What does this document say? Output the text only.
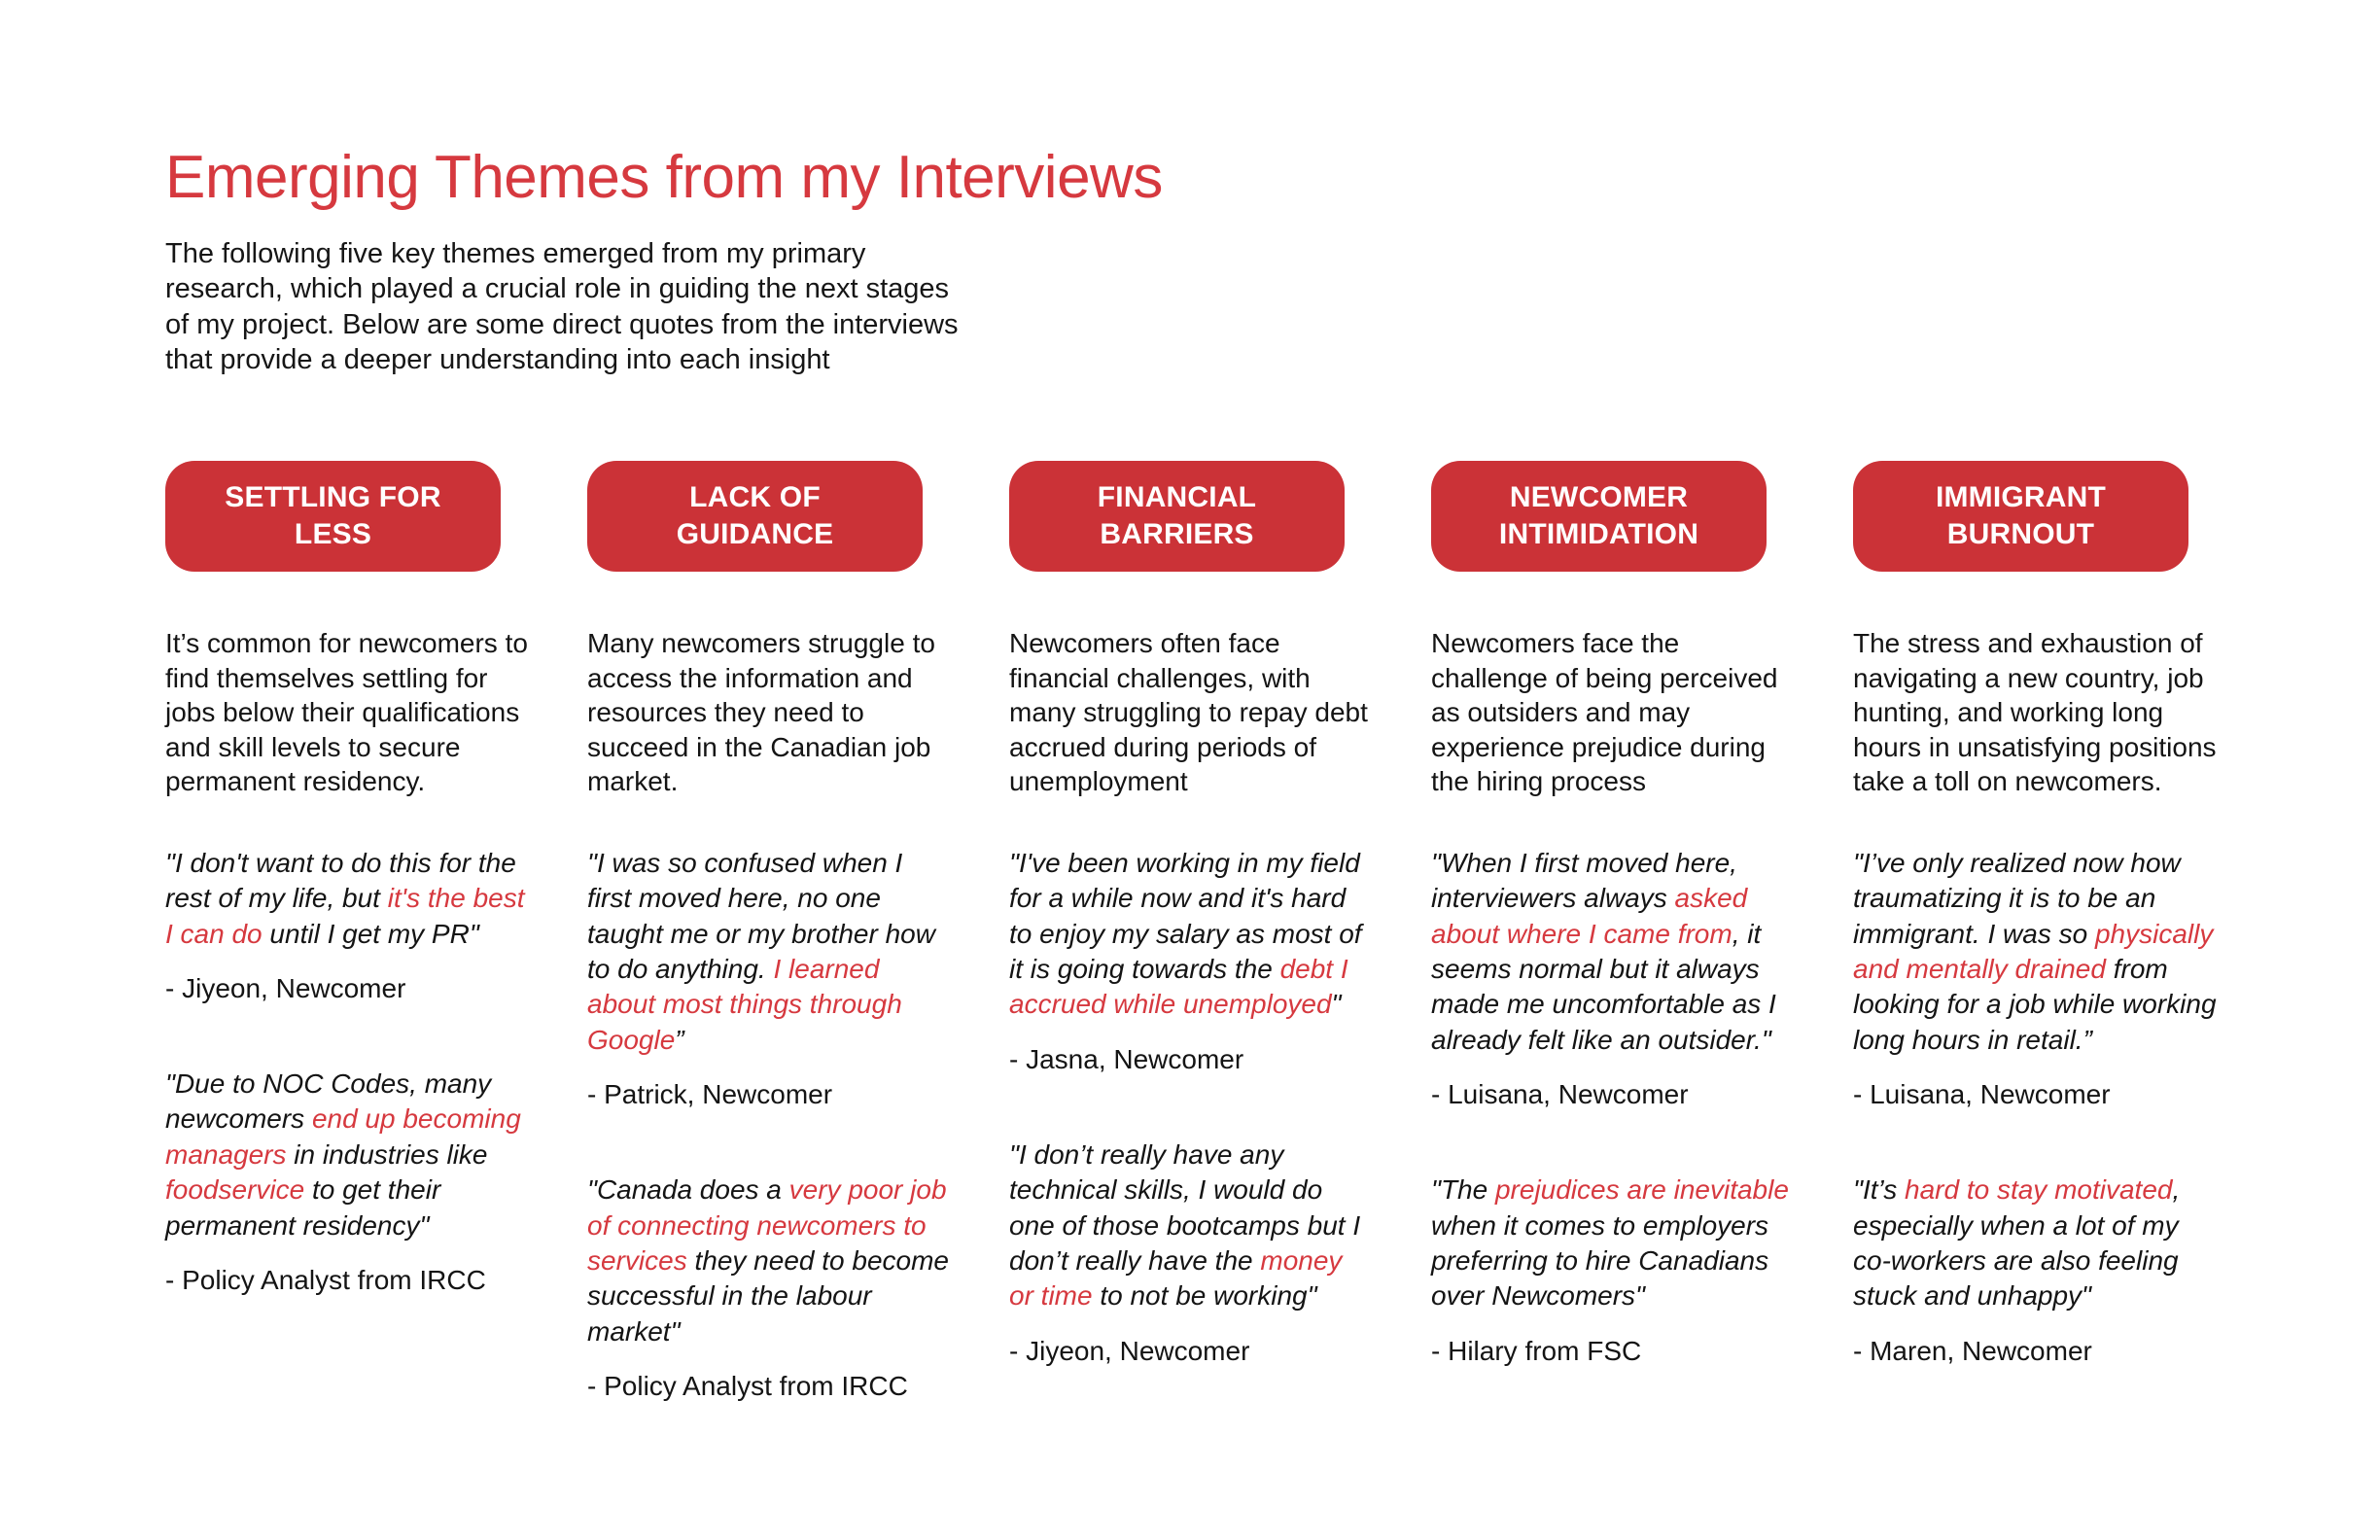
Emerging Themes from my Interviews

The following five key themes emerged from my primary research, which played a crucial role in guiding the next stages of my project. Below are some direct quotes from the interviews that provide a deeper understanding into each insight

SETTLING FOR LESS

It’s common for newcomers to find themselves settling for jobs below their qualifications and skill levels to secure permanent residency.

"I don't want to do this for the rest of my life, but it's the best I can do until I get my PR"

- Jiyeon, Newcomer

"Due to NOC Codes, many newcomers end up becoming managers in industries like foodservice to get their permanent residency"

- Policy Analyst from IRCC

LACK OF GUIDANCE

Many newcomers struggle to access the information and resources they need to succeed in the Canadian job market.

"I was so confused when I first moved here, no one taught me or my brother how to do anything. I learned about most things through Google”

- Patrick, Newcomer

"Canada does a very poor job of connecting newcomers to services they need to become successful in the labour market"

- Policy Analyst from IRCC

FINANCIAL BARRIERS

Newcomers often face financial challenges, with many struggling to repay debt accrued during periods of unemployment

"I've been working in my field for a while now and it's hard to enjoy my salary as most of it is going towards the debt I accrued while unemployed"

- Jasna, Newcomer

"I don’t really have any technical skills, I would do one of those bootcamps but I don’t really have the money or time to not be working"

- Jiyeon, Newcomer

NEWCOMER INTIMIDATION

Newcomers face the challenge of being perceived as outsiders and may experience prejudice during the hiring process

"When I first moved here, interviewers always asked about where I came from, it seems normal but it always made me uncomfortable as I already felt like an outsider."

- Luisana, Newcomer

"The prejudices are inevitable when it comes to employers preferring to hire Canadians over Newcomers"

- Hilary from FSC

IMMIGRANT BURNOUT

The stress and exhaustion of navigating a new country, job hunting, and working long hours in unsatisfying positions take a toll on newcomers.

"I’ve only realized now how traumatizing it is to be an immigrant. I was so physically and mentally drained from looking for a job while working long hours in retail.”

- Luisana, Newcomer

"It’s hard to stay motivated, especially when a lot of my co-workers are also feeling stuck and unhappy"

- Maren, Newcomer
